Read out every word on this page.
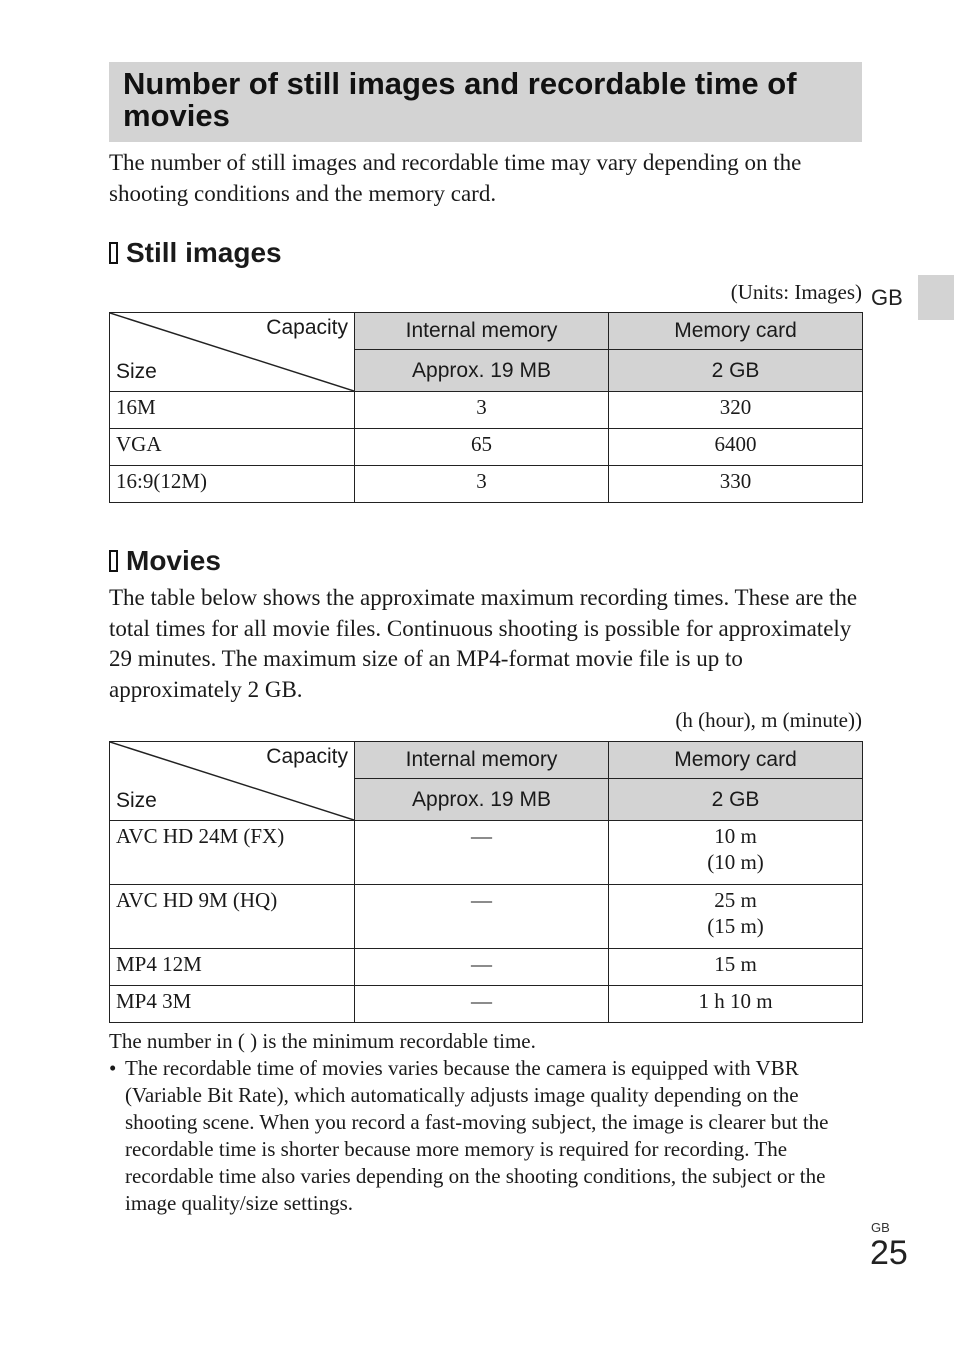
Number of still images and recordable time of movies

The number of still images and recordable time may vary depending on the shooting conditions and the memory card.

GB
Still images
(Units: Images)
Capacity
Size	Internal memory	Memory card
	Approx. 19 MB	2 GB
16M	3	320
VGA	65	6400
16:9(12M)	3	330
Movies

The table below shows the approximate maximum recording times. These are the total times for all movie files. Continuous shooting is possible for approximately 29 minutes. The maximum size of an MP4-format movie file is up to approximately 2 GB.

(h (hour), m (minute))
Capacity
Size	Internal memory	Memory card
	Approx. 19 MB	2 GB
AVC HD 24M (FX)	—	10 m
(10 m)

AVC HD 9M (HQ)	—	25 m
(15 m)

MP4 12M	—	15 m
MP4 3M	—	1 h 10 m

The number in ( ) is the minimum recordable time.

• The recordable time of movies varies because the camera is equipped with VBR (Variable Bit Rate), which automatically adjusts image quality depending on the shooting scene. When you record a fast-moving subject, the image is clearer but the recordable time is shorter because more memory is required for recording. The recordable time also varies depending on the shooting conditions, the subject or the image quality/size settings.
GB
25
